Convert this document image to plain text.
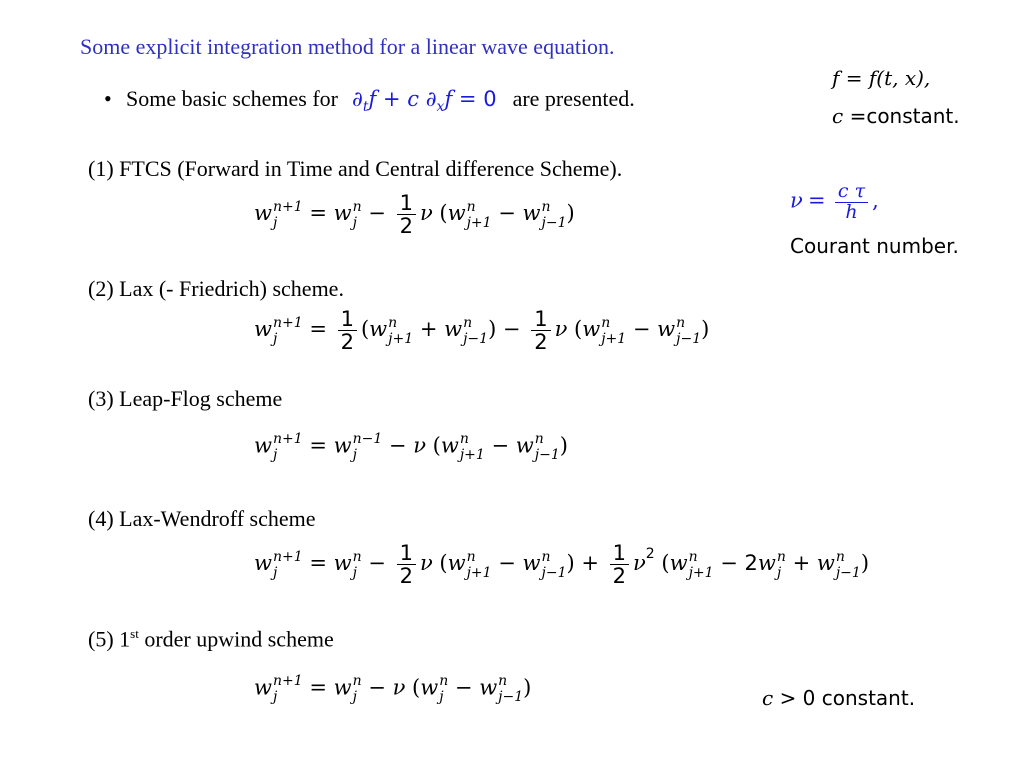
Some explicit integration method for a linear wave equation.
• Some basic schemes for $\partial_tf + c$ $\partial_xf = 0$ are presented.
f = f(t, x),
c =constant.
(1) FTCS (Forward in Time and Central difference Scheme).
w n+1
j	= w n
$j - \frac{1}{2}$ ν (w n
j+1 − w n
j−1 )
$\nu = \frac{\text{c τ}}{h}$ ,
Courant number.
(2) Lax (- Friedrich) scheme.
w n+1
j	= $\frac{1}{2} (w$ n
j+1 + w n
j−1 ) − $\frac{1}{2}$ ν (w n
j+1 − w n
j−1 )
(3) Leap-Flog scheme
w n+1
j	= w n−1
j	− ν (w n
j+1 − w n
j−1 )
(4) Lax-Wendroff scheme
w n+1
j	= w n
$j - \frac{1}{2}$ ν (w n
j+1 − w n
j−1 ) + $\frac{1}{2} \nu^2$ (w n
j+1 − 2w n
j + w n
j−1 )
(5) 1st order upwind scheme
w n+1
j	= w n
j − ν (w n
j − w n
j−1 )	c > 0 constant.
